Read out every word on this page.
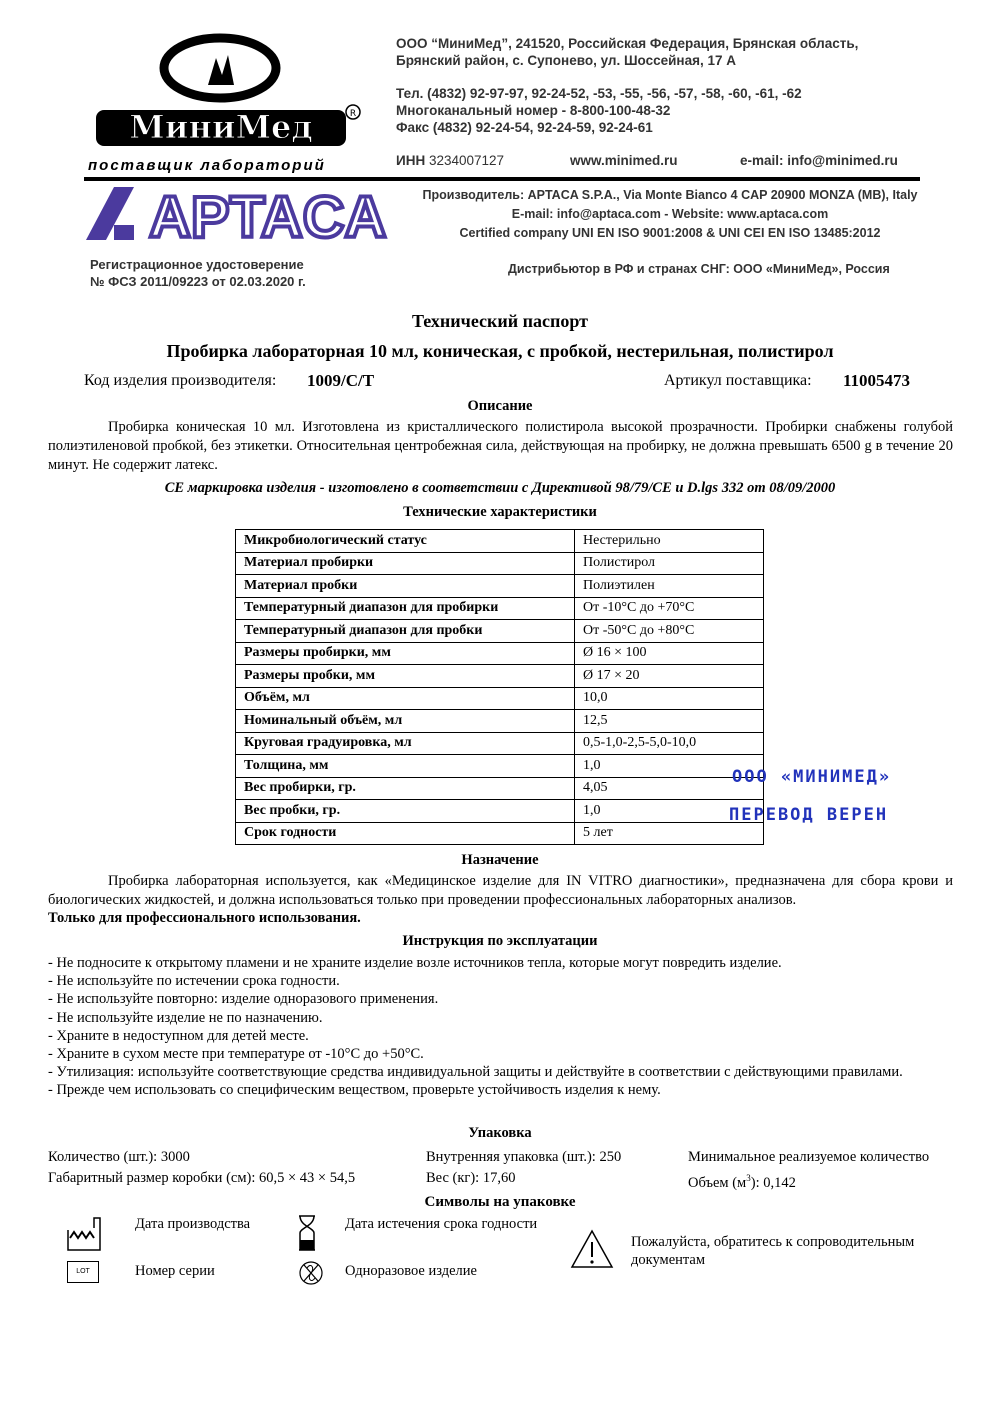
МиниМед	R
поставщик лабораторий
ООО “МиниМед”, 241520, Российская Федерация, Брянская область,
Брянский район, с. Супонево, ул. Шоссейная, 17 А
Тел. (4832) 92-97-97, 92-24-52, -53, -55, -56, -57, -58, -60, -61, -62
Многоканальный номер - 8-800-100-48-32
Факс (4832) 92-24-54, 92-24-59, 92-24-61
ИНН 3234007127	www.minimed.ru	e-mail: info@minimed.ru
APTACA	Производитель: APTACA S.P.A., Via Monte Bianco 4 CAP 20900 MONZA (MB), Italy
E-mail: info@aptaca.com - Website: www.aptaca.com
Certified company UNI EN ISO 9001:2008 & UNI CEI EN ISO 13485:2012
Регистрационное удостоверение
№ ФСЗ 2011/09223 от 02.03.2020 г.
Дистрибьютор в РФ и странах СНГ: ООО «МиниМед», Россия
Технический паспорт
Пробирка лабораторная 10 мл, коническая, с пробкой, нестерильная, полистирол
Код изделия производителя: 1009/C/T	Артикул поставщика: 11005473
Описание
Пробирка коническая 10 мл. Изготовлена из кристаллического полистирола высокой прозрачности. Пробирки снабжены голубой полиэтиленовой пробкой, без этикетки. Относительная центробежная сила, действующая на пробирку, не должна превышать 6500 g в течение 20 минут. Не содержит латекс.
CE маркировка изделия - изготовлено в соответствии с Директивой 98/79/CE и D.lgs 332 от 08/09/2000
Технические характеристики
Микробиологический статус	Нестерильно
Материал пробирки	Полистирол
Материал пробки	Полиэтилен
Температурный диапазон для пробирки	От -10°C до +70°C
Температурный диапазон для пробки	От -50°C до +80°C
Размеры пробирки, мм	Ø 16 × 100
Размеры пробки, мм	Ø 17 × 20
Объём, мл	10,0
Номинальный объём, мл	12,5
Круговая градуировка, мл	0,5-1,0-2,5-5,0-10,0
Толщина, мм	1,0
Вес пробирки, гр.	4,05
Вес пробки, гр.	1,0
Срок годности	5 лет
ООО «МИНИМЕД»
ПЕРЕВОД ВЕРЕН
Назначение
Пробирка лабораторная используется, как «Медицинское изделие для IN VITRO диагностики», предназначена для сбора крови и биологических жидкостей, и должна использоваться только при проведении профессиональных лабораторных анализов.
Только для профессионального использования.
Инструкция по эксплуатации
- Не подносите к открытому пламени и не храните изделие возле источников тепла, которые могут повредить изделие.
- Не используйте по истечении срока годности.
- Не используйте повторно: изделие одноразового применения.
- Не используйте изделие не по назначению.
- Храните в недоступном для детей месте.
- Храните в сухом месте при температуре от -10°C до +50°C.
- Утилизация: используйте соответствующие средства индивидуальной защиты и действуйте в соответствии с действующими правилами.
- Прежде чем использовать со специфическим веществом, проверьте устойчивость изделия к нему.
Упаковка
Количество (шт.): 3000	Внутренняя упаковка (шт.): 250	Минимальное реализуемое количество
Габаритный размер коробки (см): 60,5 × 43 × 54,5	Вес (кг): 17,60	Объем $(м^3)$: 0,142
Символы на упаковке
Дата производства	Дата истечения срока годности
LOT	Номер серии	Одноразовое изделие
Пожалуйста, обратитесь к сопроводительным документам
